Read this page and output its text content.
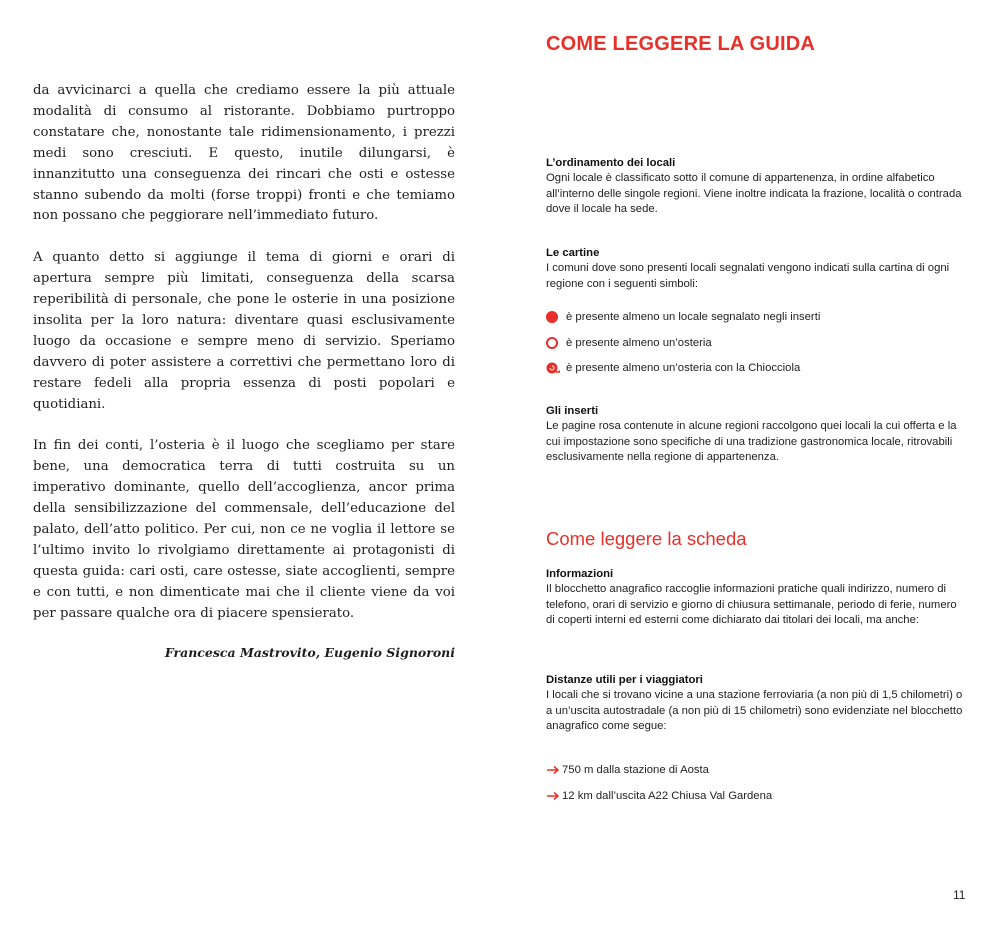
da avvicinarci a quella che crediamo essere la più attuale modalità di consumo al ristorante. Dobbiamo purtroppo constatare che, nonostante tale ridimensionamento, i prezzi medi sono cresciuti. E questo, inutile dilungarsi, è innanzitutto una conseguenza dei rincari che osti e ostesse stanno subendo da molti (forse troppi) fronti e che temiamo non possano che peggiorare nell’immediato futuro.

A quanto detto si aggiunge il tema di giorni e orari di apertura sempre più limitati, conseguenza della scarsa reperibilità di personale, che pone le osterie in una posizione insolita per la loro natura: diventare quasi esclusivamente luogo da occasione e sempre meno di servizio. Speriamo davvero di poter assistere a correttivi che permettano loro di restare fedeli alla propria essenza di posti popolari e quotidiani.

In fin dei conti, l’osteria è il luogo che scegliamo per stare bene, una democratica terra di tutti costruita su un imperativo dominante, quello dell’accoglienza, ancor prima della sensibilizzazione del commensale, dell’educazione del palato, dell’atto politico. Per cui, non ce ne voglia il lettore se l’ultimo invito lo rivolgiamo direttamente ai protagonisti di questa guida: cari osti, care ostesse, siate accoglienti, sempre e con tutti, e non dimenticate mai che il cliente viene da voi per passare qualche ora di piacere spensierato.

Francesca Mastrovito, Eugenio Signoroni
COME LEGGERE LA GUIDA
L’ordinamento dei locali

Ogni locale è classificato sotto il comune di appartenenza, in ordine alfabetico all’interno delle singole regioni. Viene inoltre indicata la frazione, località o contrada dove il locale ha sede.

Le cartine

I comuni dove sono presenti locali segnalati vengono indicati sulla cartina di ogni regione con i seguenti simboli:

è presente almeno un locale segnalato negli inserti
è presente almeno un’osteria
è presente almeno un’osteria con la Chiocciola
Gli inserti

Le pagine rosa contenute in alcune regioni raccolgono quei locali la cui offerta e la cui impostazione sono specifiche di una tradizione gastronomica locale, ritrovabili esclusivamente nella regione di appartenenza.

Come leggere la scheda
Informazioni

Il blocchetto anagrafico raccoglie informazioni pratiche quali indirizzo, numero di telefono, orari di servizio e giorno di chiusura settimanale, periodo di ferie, numero di coperti interni ed esterni come dichiarato dai titolari dei locali, ma anche:

Distanze utili per i viaggiatori

I locali che si trovano vicine a una stazione ferroviaria (a non più di 1,5 chilometri) o a un’uscita autostradale (a non più di 15 chilometri) sono evidenziate nel blocchetto anagrafico come segue:

750 m dalla stazione di Aosta
12 km dall’uscita A22 Chiusa Val Gardena
11
